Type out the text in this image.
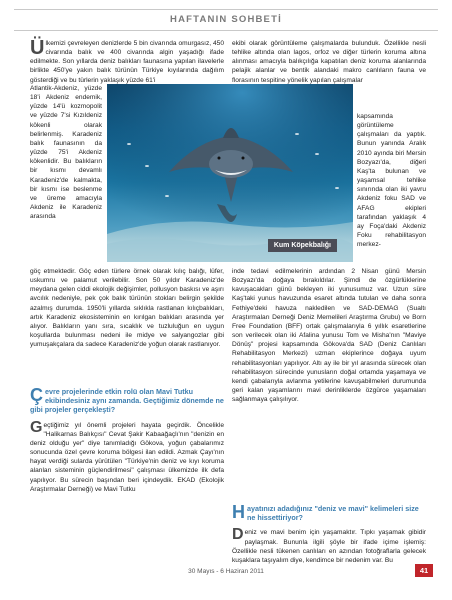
HAFTANIN SOHBETİ

Ülkemizi çevreleyen denizlerde 5 bin civarında omurgasız, 450 civarında balık ve 400 civarında algin yaşadığı ifade edilmekte. Son yıllarda deniz balıkları faunasına yapılan ilavelerle birlikte 450'ye yakın balık türünün Türkiye kıyılarında dağılım gösterdiği ve bu türlerin yaklaşık yüzde 61'i

Atlantik-Akdeniz, yüzde 18'i Akdeniz endemik, yüzde 14'ü kozmopolit ve yüzde 7'si Kızıldeniz kökenli olarak belirlenmiş. Karadeniz balık faunasının da yüzde 75'i Akdeniz kökenlidir. Bu balıkların bir kısmı devamlı Karadeniz'de kalmakta, bir kısmı ise beslenme ve üreme amacıyla Akdeniz ile Karadeniz arasında

göç etmektedir. Göç eden türlere örnek olarak kılıç balığı, lüfer, uskumru ve palamut verilebilir. Son 50 yıldır Karadeniz'de meydana gelen ciddi ekolojik değişimler, pollusyon baskısı ve aşırı avcılık nedeniyle, pek çok balık türünün stokları belirgin şekilde azalmış durumda. 1950'li yıllarda sıklıkla rastlanan kılıçbalıkları, artık Karadeniz ekosisteminin en kırılgan balıkları arasında yer alıyor. Balıkların yanı sıra, sıcaklık ve tuzluluğun en uygun koşullarda bulunması nedeni ile midye ve salyangozlar gibi yumuşakçalara da sadece Karadeniz'de yoğun olarak rastlanıyor.

Kum Köpekbalığı

Çevre projelerinde etkin rolü olan Mavi Tutku ekibindesiniz aynı zamanda. Geçtiğimiz dönemde ne gibi projeler gerçekleşti?

Geçtiğimiz yıl önemli projeleri hayata geçirdik. Öncelikle "Halikarnas Balıkçısı" Cevat Şakir Kabaağaçlı'nın "denizin en deniz olduğu yer" diye tanımladığı Gökova, yoğun çabalarımız sonucunda özel çevre koruma bölgesi ilan edildi. Azmak Çayı'nın hayat verdiği sularda yürütülen "Türkiye'nin deniz ve kıyı koruma alanları sisteminin güçlendirilmesi" çalışması ülkemizde ilk defa yapılıyor. Bu sürecin başından beri içindeydik. EKAD (Ekolojik Araştırmalar Derneği) ve Mavi Tutku

ekibi olarak görüntüleme çalışmalarda bulunduk. Özellikle nesli tehlike altında olan lagos, orfoz ve diğer türlerin koruma altına alınması amacıyla balıkçılığa kapatılan deniz koruma alanlarında pelajik alanlar ve bentik alandaki makro canlıların fauna ve florasının tespitine yönelik yapılan çalışmalar

kapsamında görüntüleme çalışmaları da yaptık. Bunun yanında Aralık 2010 ayında biri Mersin Bozyazı'da, diğeri Kaş'ta bulunan ve yaşamsal tehlike sınırında olan iki yavru Akdeniz foku SAD ve AFAG ekipleri tarafından yaklaşık 4 ay Foça'daki Akdeniz Foku rehabilitasyon merkez-

inde tedavi edilmelerinin ardından 2 Nisan günü Mersin Bozyazı'da doğaya bırakıldılar. Şimdi de özgürlüklerine kavuşacakları günü bekleyen iki yunusumuz var. Uzun süre Kaş'taki yunus havuzunda esaret altında tutulan ve daha sonra Fethiye'deki havuza nakledilen ve SAD-DEMAG (Sualtı Araştırmaları Derneği Deniz Memelileri Araştırma Grubu) ve Born Free Foundation (BFF) ortak çalışmalarıyla 6 yıllık esaretlerine son verilecek olan iki Afalina yunusu Tom ve Misha'nın "Maviye Dönüş" projesi kapsamında Gökova'da SAD (Deniz Canlıları Rehabilitasyon Merkezi) uzman ekiplerince doğaya uyum rehabilitasyonları yapılıyor. Altı ay ile bir yıl arasında sürecek olan rehabilitasyon sürecinde yunusların doğal ortamda yaşamaya ve kendi çabalarıyla avlanma yetilerine kavuşabilmeleri durumunda geri kalan yaşamlarını mavi derinliklerde özgürce yaşamaları sağlanmaya çalışılıyor.

Hayatınızı adadığınız "deniz ve mavi" kelimeleri size ne hissettiriyor?

Deniz ve mavi benim için yaşamaktır. Tıpkı yaşamak gibidir paylaşmak. Bununla ilgili şöyle bir ifade içime işlemiş: Özellikle nesli tükenen canlıları en azından fotoğraflarla gelecek kuşaklara taşıyalım diye, kendimce bir nedenim var. Bu

30 Mayıs - 6 Haziran 2011	41
